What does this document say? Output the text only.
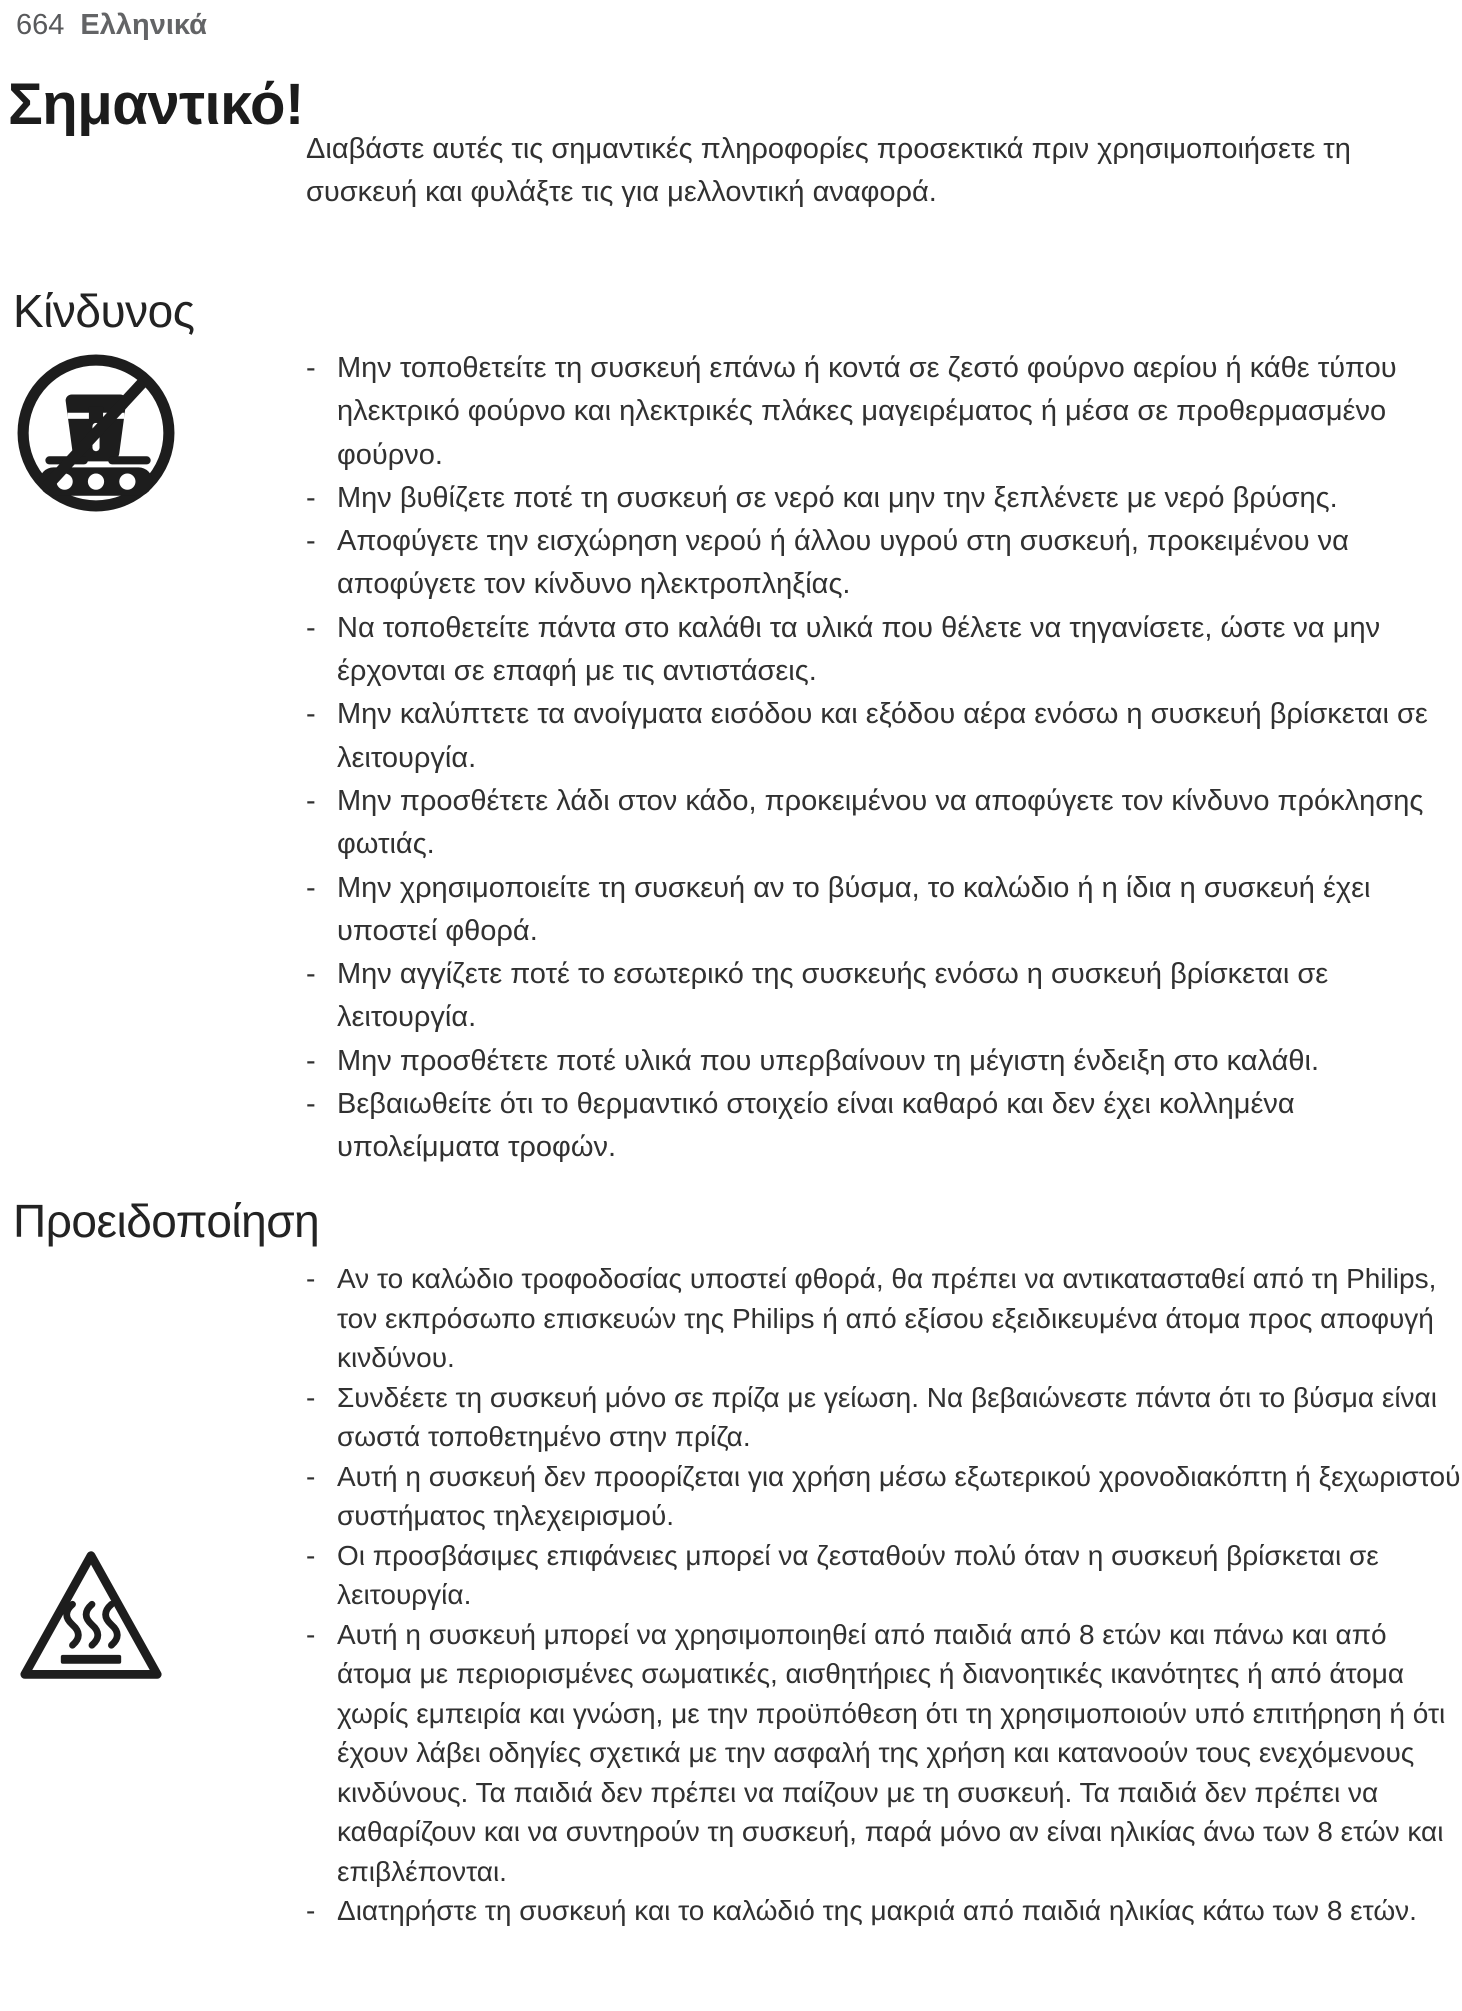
664 Ελληνικά
Σημαντικό!

Διαβάστε αυτές τις σημαντικές πληροφορίες προσεκτικά πριν χρησιμοποιήσετε τη συσκευή και φυλάξτε τις για μελλοντική αναφορά.

Κίνδυνος
- Μην τοποθετείτε τη συσκευή επάνω ή κοντά σε ζεστό φούρνο αερίου ή κάθε τύπου ηλεκτρικό φούρνο και ηλεκτρικές πλάκες μαγειρέματος ή μέσα σε προθερμασμένο φούρνο.
- Μην βυθίζετε ποτέ τη συσκευή σε νερό και μην την ξεπλένετε με νερό βρύσης.
- Αποφύγετε την εισχώρηση νερού ή άλλου υγρού στη συσκευή, προκειμένου να αποφύγετε τον κίνδυνο ηλεκτροπληξίας.
- Να τοποθετείτε πάντα στο καλάθι τα υλικά που θέλετε να τηγανίσετε, ώστε να μην έρχονται σε επαφή με τις αντιστάσεις.
- Μην καλύπτετε τα ανοίγματα εισόδου και εξόδου αέρα ενόσω η συσκευή βρίσκεται σε λειτουργία.
- Μην προσθέτετε λάδι στον κάδο, προκειμένου να αποφύγετε τον κίνδυνο πρόκλησης φωτιάς.
- Μην χρησιμοποιείτε τη συσκευή αν το βύσμα, το καλώδιο ή η ίδια η συσκευή έχει υποστεί φθορά.
- Μην αγγίζετε ποτέ το εσωτερικό της συσκευής ενόσω η συσκευή βρίσκεται σε λειτουργία.
- Μην προσθέτετε ποτέ υλικά που υπερβαίνουν τη μέγιστη ένδειξη στο καλάθι.
- Βεβαιωθείτε ότι το θερμαντικό στοιχείο είναι καθαρό και δεν έχει κολλημένα υπολείμματα τροφών.
Προειδοποίηση
- Αν το καλώδιο τροφοδοσίας υποστεί φθορά, θα πρέπει να αντικατασταθεί από τη Philips, τον εκπρόσωπο επισκευών της Philips ή από εξίσου εξειδικευμένα άτομα προς αποφυγή κινδύνου.
- Συνδέετε τη συσκευή μόνο σε πρίζα με γείωση. Να βεβαιώνεστε πάντα ότι το βύσμα είναι σωστά τοποθετημένο στην πρίζα.
- Αυτή η συσκευή δεν προορίζεται για χρήση μέσω εξωτερικού χρονοδιακόπτη ή ξεχωριστού συστήματος τηλεχειρισμού.
- Οι προσβάσιμες επιφάνειες μπορεί να ζεσταθούν πολύ όταν η συσκευή βρίσκεται σε λειτουργία.
- Αυτή η συσκευή μπορεί να χρησιμοποιηθεί από παιδιά από 8 ετών και πάνω και από άτομα με περιορισμένες σωματικές, αισθητήριες ή διανοητικές ικανότητες ή από άτομα χωρίς εμπειρία και γνώση, με την προϋπόθεση ότι τη χρησιμοποιούν υπό επιτήρηση ή ότι έχουν λάβει οδηγίες σχετικά με την ασφαλή της χρήση και κατανοούν τους ενεχόμενους κινδύνους. Τα παιδιά δεν πρέπει να παίζουν με τη συσκευή. Τα παιδιά δεν πρέπει να καθαρίζουν και να συντηρούν τη συσκευή, παρά μόνο αν είναι ηλικίας άνω των 8 ετών και επιβλέπονται.
- Διατηρήστε τη συσκευή και το καλώδιό της μακριά από παιδιά ηλικίας κάτω των 8 ετών.
